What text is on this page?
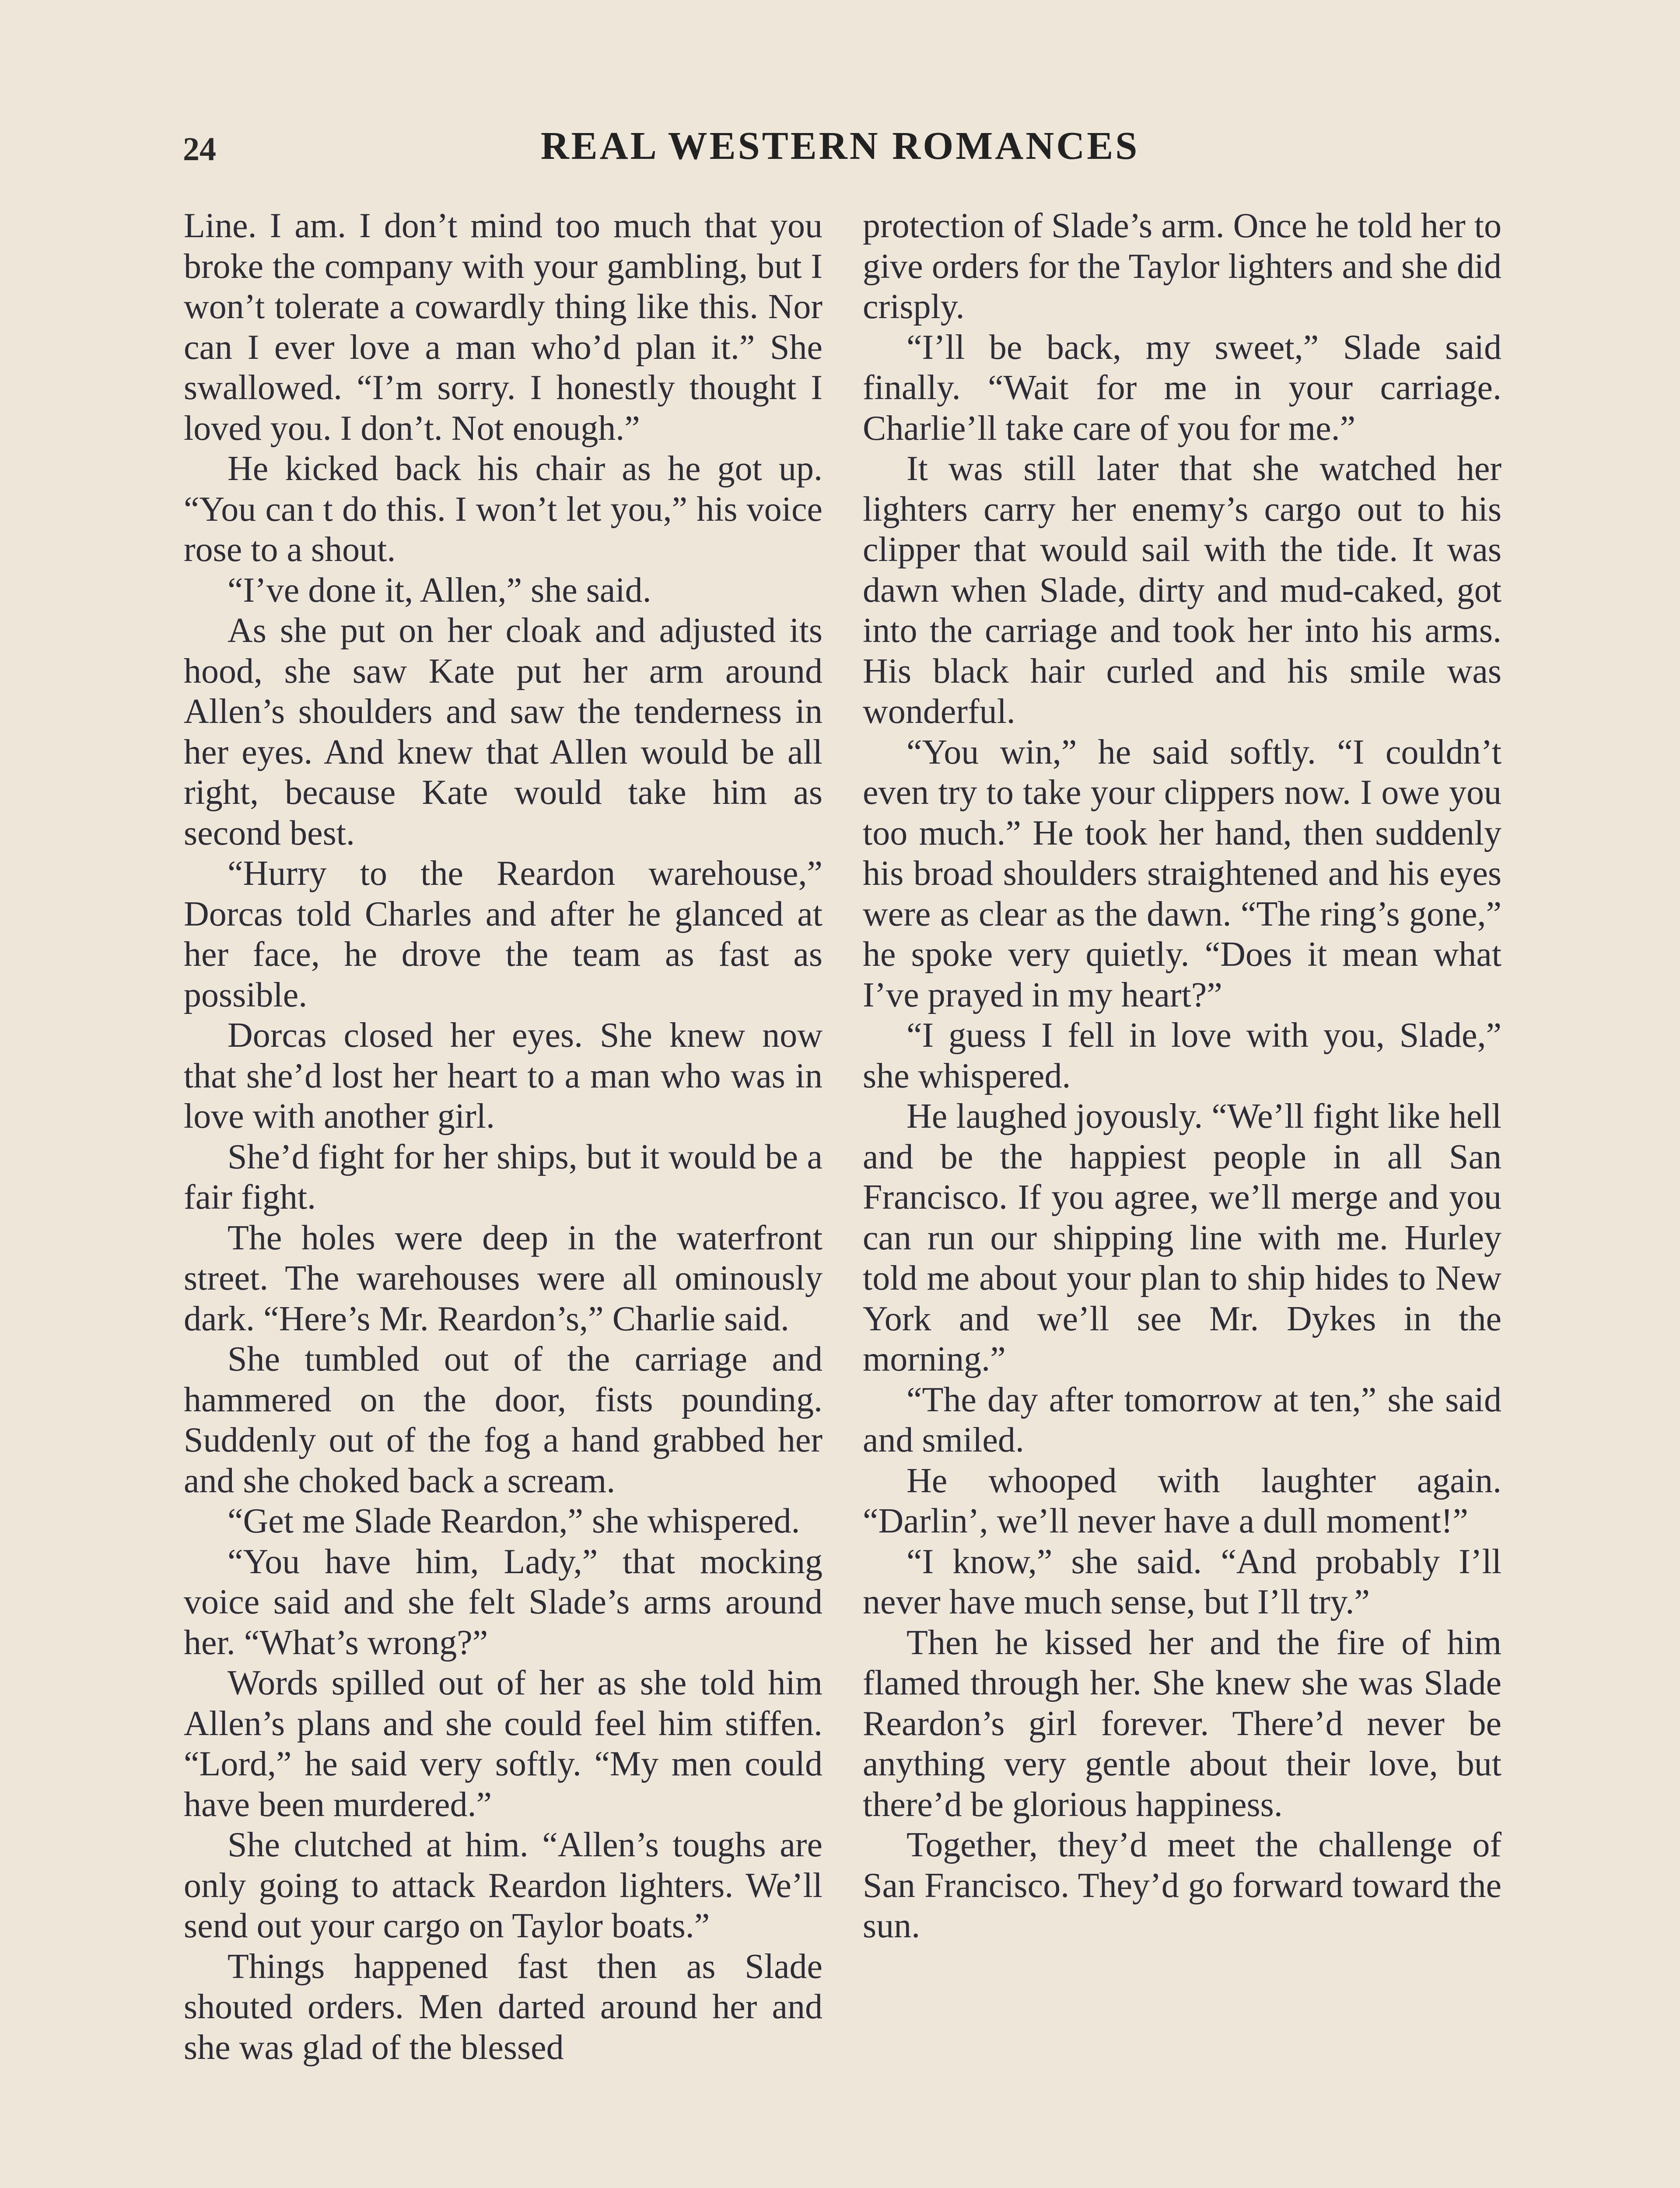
24	REAL WESTERN ROMANCES

Line. I am. I don’t mind too much that you broke the company with your gambling, but I won’t tolerate a cowardly thing like this. Nor can I ever love a man who’d plan it.” She swallowed. “I’m sorry. I honestly thought I loved you. I don’t. Not enough.”

He kicked back his chair as he got up. “You can t do this. I won’t let you,” his voice rose to a shout.

“I’ve done it, Allen,” she said.

As she put on her cloak and adjusted its hood, she saw Kate put her arm around Allen’s shoulders and saw the tenderness in her eyes. And knew that Allen would be all right, because Kate would take him as second best.

“Hurry to the Reardon warehouse,” Dorcas told Charles and after he glanced at her face, he drove the team as fast as possible.

Dorcas closed her eyes. She knew now that she’d lost her heart to a man who was in love with another girl.

She’d fight for her ships, but it would be a fair fight.

The holes were deep in the waterfront street. The warehouses were all ominously dark. “Here’s Mr. Reardon’s,” Charlie said.

She tumbled out of the carriage and hammered on the door, fists pounding. Suddenly out of the fog a hand grabbed her and she choked back a scream.

“Get me Slade Reardon,” she whispered.

“You have him, Lady,” that mocking voice said and she felt Slade’s arms around her. “What’s wrong?”

Words spilled out of her as she told him Allen’s plans and she could feel him stiffen. “Lord,” he said very softly. “My men could have been murdered.”

She clutched at him. “Allen’s toughs are only going to attack Reardon lighters. We’ll send out your cargo on Taylor boats.”

Things happened fast then as Slade shouted orders. Men darted around her and she was glad of the blessed

protection of Slade’s arm. Once he told her to give orders for the Taylor lighters and she did crisply.

“I’ll be back, my sweet,” Slade said finally. “Wait for me in your carriage. Charlie’ll take care of you for me.”

It was still later that she watched her lighters carry her enemy’s cargo out to his clipper that would sail with the tide. It was dawn when Slade, dirty and mud-caked, got into the carriage and took her into his arms. His black hair curled and his smile was wonderful.

“You win,” he said softly. “I couldn’t even try to take your clippers now. I owe you too much.” He took her hand, then suddenly his broad shoulders straightened and his eyes were as clear as the dawn. “The ring’s gone,” he spoke very quietly. “Does it mean what I’ve prayed in my heart?”

“I guess I fell in love with you, Slade,” she whispered.

He laughed joyously. “We’ll fight like hell and be the happiest people in all San Francisco. If you agree, we’ll merge and you can run our shipping line with me. Hurley told me about your plan to ship hides to New York and we’ll see Mr. Dykes in the morning.”

“The day after tomorrow at ten,” she said and smiled.

He whooped with laughter again. “Darlin’, we’ll never have a dull moment!”

“I know,” she said. “And probably I’ll never have much sense, but I’ll try.”

Then he kissed her and the fire of him flamed through her. She knew she was Slade Reardon’s girl forever. There’d never be anything very gentle about their love, but there’d be glorious happiness.

Together, they’d meet the challenge of San Francisco. They’d go forward toward the sun.
